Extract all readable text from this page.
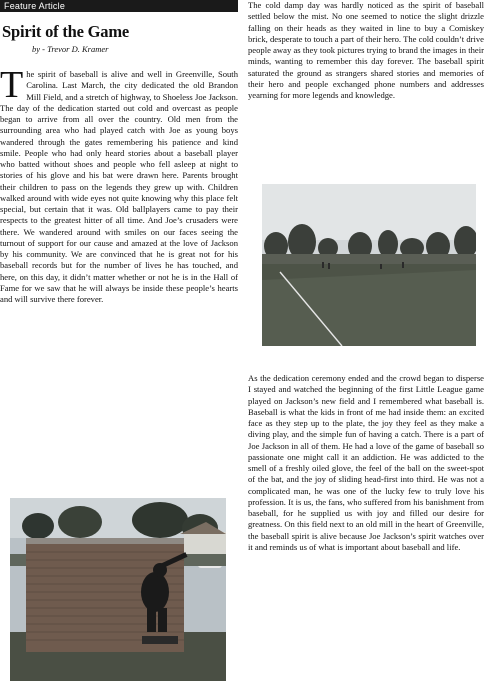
Feature Article
Spirit of the Game
by - Trevor D. Kramer

The spirit of baseball is alive and well in Greenville, South Carolina. Last March, the city dedicated the old Brandon Mill Field, and a stretch of highway, to Shoeless Joe Jackson. The day of the dedication started out cold and overcast as people began to arrive from all over the country. Old men from the surrounding area who had played catch with Joe as young boys wandered through the gates remembering his patience and kind smile. People who had only heard stories about a baseball player who batted without shoes and people who fell asleep at night to stories of his glove and his bat were drawn here. Parents brought their children to pass on the legends they grew up with. Children walked around with wide eyes not quite knowing why this place felt special, but certain that it was. Old ballplayers came to pay their respects to the greatest hitter of all time. And Joe’s crusaders were there. We wandered around with smiles on our faces seeing the turnout of support for our cause and amazed at the love of Jackson by his community. We are convinced that he is great not for his baseball records but for the number of lives he has touched, and here, on this day, it didn’t matter whether or not he is in the Hall of Fame for we saw that he will always be inside these people’s hearts and will survive there forever.

The cold damp day was hardly noticed as the spirit of baseball settled below the mist. No one seemed to notice the slight drizzle falling on their heads as they waited in line to buy a Comiskey brick, desperate to touch a part of their hero. The cold couldn’t drive people away as they took pictures trying to brand the images in their minds, wanting to remember this day forever. The baseball spirit saturated the ground as strangers shared stories and memories of their hero and people exchanged phone numbers and addresses yearning for more legends and knowledge.

As the dedication ceremony ended and the crowd began to disperse I stayed and watched the beginning of the first Little League game played on Jackson’s new field and I remembered what baseball is. Baseball is what the kids in front of me had inside them: an excited face as they step up to the plate, the joy they feel as they make a diving play, and the simple fun of having a catch. There is a part of Joe Jackson in all of them. He had a love of the game of baseball so passionate one might call it an addiction. He was addicted to the smell of a freshly oiled glove, the feel of the ball on the sweet-spot of the bat, and the joy of sliding head-first into third. He was not a complicated man, he was one of the lucky few to truly love his profession. It is us, the fans, who suffered from his banishment from baseball, for he supplied us with joy and filled our desire for greatness. On this field next to an old mill in the heart of Greenville, the baseball spirit is alive because Joe Jackson’s spirit watches over it and reminds us of what is important about baseball and life.
